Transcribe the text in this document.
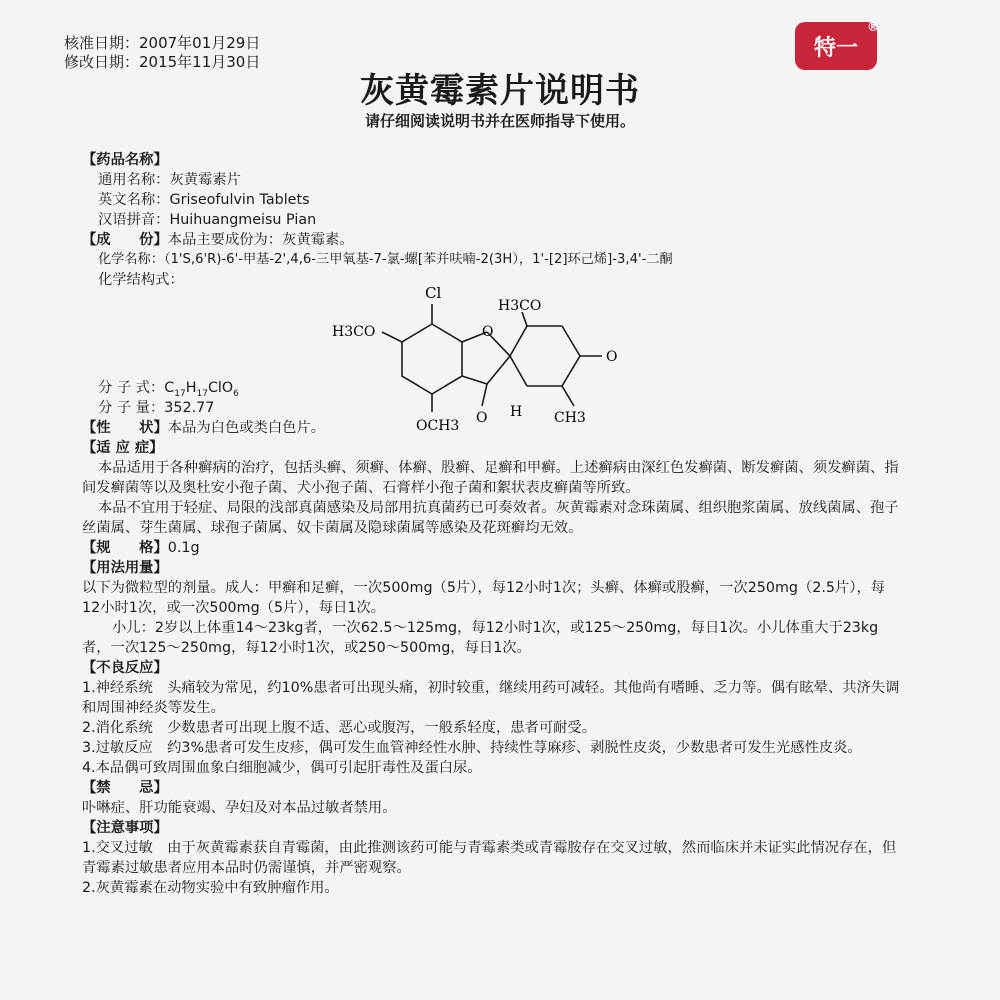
核准日期：2007年01月29日
修改日期：2015年11月30日
特一
®
灰黄霉素片说明书
请仔细阅读说明书并在医师指导下使用。
【药品名称】
通用名称：灰黄霉素片
英文名称：Griseofulvin Tablets
汉语拼音：Huihuangmeisu Pian
【成　　份】本品主要成份为：灰黄霉素。
化学名称：（1'S,6'R)-6'-甲基-2',4,6-三甲氧基-7-氯-螺[苯并呋喃-2(3H），1'-[2]环己烯]-3,4'-二酮
化学结构式：
Cl
H3CO
H3CO
O
O
O H CH3
OCH3
分 子 式：$C_{17}H_{17}ClO_6$
分 子 量：352.77
【性　　状】本品为白色或类白色片。
【适 应 症】
本品适用于各种癣病的治疗，包括头癣、须癣、体癣、股癣、足癣和甲癣。上述癣病由深红色发癣菌、断发癣菌、须发癣菌、指间发癣菌等以及奥杜安小孢子菌、犬小孢子菌、石膏样小孢子菌和絮状表皮癣菌等所致。
本品不宜用于轻症、局限的浅部真菌感染及局部用抗真菌药已可奏效者。灰黄霉素对念珠菌属、组织胞浆菌属、放线菌属、孢子丝菌属、芽生菌属、球孢子菌属、奴卡菌属及隐球菌属等感染及花斑癣均无效。
【规　　格】0.1g
【用法用量】
以下为微粒型的剂量。成人：甲癣和足癣，一次500mg（5片），每12小时1次；头癣、体癣或股癣，一次250mg（2.5片），每12小时1次，或一次500mg（5片），每日1次。
小儿：2岁以上体重14～23kg者，一次62.5～125mg，每12小时1次，或125～250mg，每日1次。小儿体重大于23kg者，一次125～250mg，每12小时1次，或250～500mg，每日1次。
【不良反应】
1.神经系统　头痛较为常见，约10%患者可出现头痛，初时较重，继续用药可减轻。其他尚有嗜睡、乏力等。偶有眩晕、共济失调和周围神经炎等发生。
2.消化系统　少数患者可出现上腹不适、恶心或腹泻，一般系轻度，患者可耐受。
3.过敏反应　约3%患者可发生皮疹，偶可发生血管神经性水肿、持续性荨麻疹、剥脱性皮炎，少数患者可发生光感性皮炎。
4.本品偶可致周围血象白细胞减少，偶可引起肝毒性及蛋白尿。
【禁　　忌】
卟啉症、肝功能衰竭、孕妇及对本品过敏者禁用。
【注意事项】
1.交叉过敏　由于灰黄霉素获自青霉菌，由此推测该药可能与青霉素类或青霉胺存在交叉过敏，然而临床并未证实此情况存在，但青霉素过敏患者应用本品时仍需谨慎，并严密观察。
2.灰黄霉素在动物实验中有致肿瘤作用。
